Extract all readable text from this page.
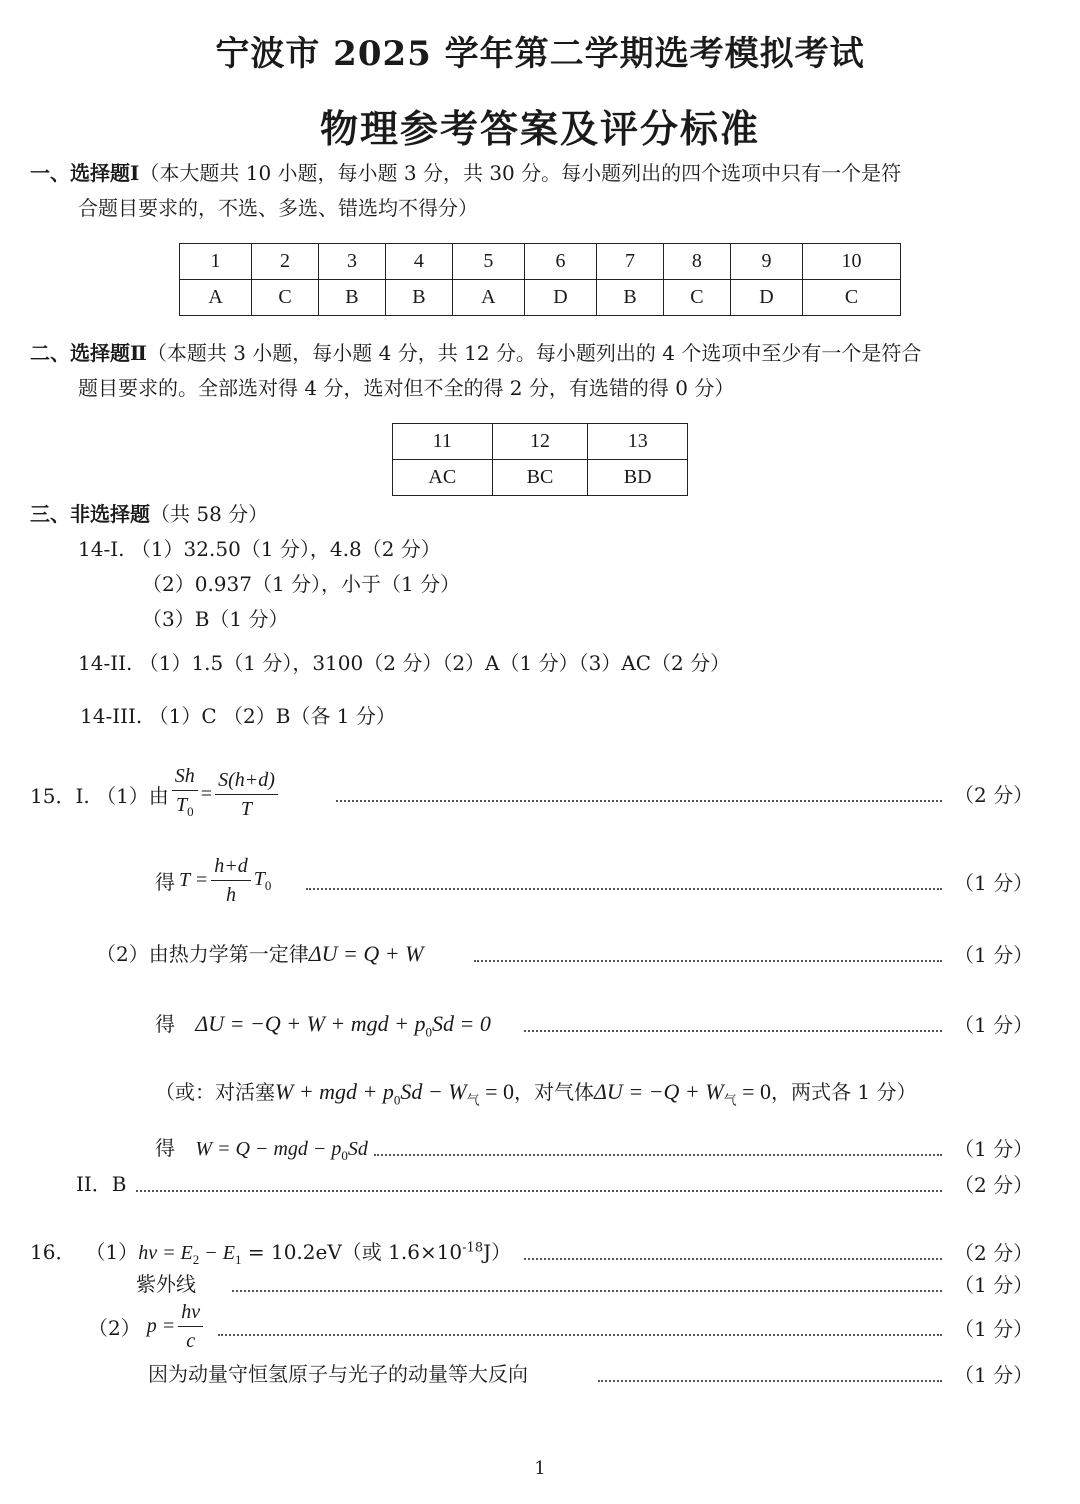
宁波市 2025 学年第二学期选考模拟考试
物理参考答案及评分标准
一、选择题Ⅰ（本大题共 10 小题，每小题 3 分，共 30 分。每小题列出的四个选项中只有一个是符
合题目要求的，不选、多选、错选均不得分）
1	2	3	4	5	6	7	8	9	10
A	C	B	B	A	D	B	C	D	C
二、选择题Ⅱ（本题共 3 小题，每小题 4 分，共 12 分。每小题列出的 4 个选项中至少有一个是符合
题目要求的。全部选对得 4 分，选对但不全的得 2 分，有选错的得 0 分）
11	12	13
AC	BC	BD
三、非选择题（共 58 分）
14-I. （1）32.50（1 分），4.8（2 分）
（2）0.937（1 分），小于（1 分）
（3）B（1 分）
14-II. （1）1.5（1 分），3100（2 分）（2）A（1 分）（3）AC（2 分）
14-III. （1）C （2）B（各 1 分）
15．I. （1）由 $\frac{Sh}{T_0} = \frac{S(h+d)}{T}$	（2 分）
得 $T = \frac{h+d}{h} T_0$	（1 分）
（2）由热力学第一定律ΔU = Q + W	（1 分）
得 ΔU = −Q + W + mgd + $p_0Sd = 0$	（1 分）
（或：对活塞W + mgd + $p_0Sd - W_气 = 0$，对气体$\Delta U = -Q + W_气 = 0$，两式各 1 分）
得 W = Q − mgd − $p_0Sd$	（1 分）
II．B	（2 分）
16． $(1)h\nu = E_2 - E_1 = 10.2eV$（或 $1.6\times 10^{-18}J$）	（2 分）
紫外线	（1 分）
（2） $p = \frac{h\nu}{c}$	（1 分）
因为动量守恒氢原子与光子的动量等大反向	（1 分）
1
